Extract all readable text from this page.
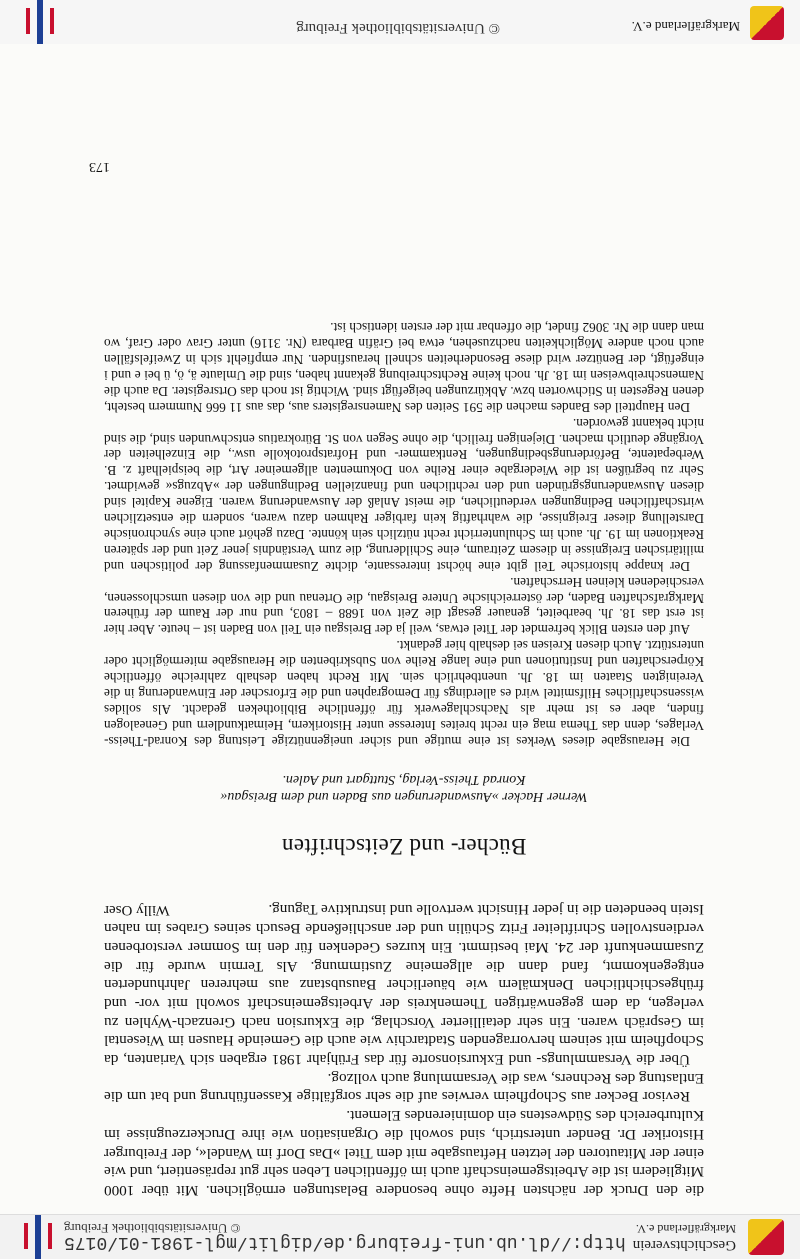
Geschichtsverein
Markgräflerland e.V.
http://dl.ub.uni-freiburg.de/diglit/mgl-1981-01/0175
© Universitätsbibliothek Freiburg

die den Druck der nächsten Hefte ohne besondere Belastungen ermöglichen. Mit über 1000 Mitgliedern ist die Arbeitsgemeinschaft auch im öffentlichen Leben sehr gut repräsentiert, und wie einer der Mitautoren der letzten Heftausgabe mit dem Titel »Das Dorf im Wandel«, der Freiburger Historiker Dr. Bender unterstrich, sind sowohl die Organisation wie ihre Druckerzeugnisse im Kulturbereich des Südwestens ein dominierendes Element.

Revisor Becker aus Schopfheim verwies auf die sehr sorgfältige Kassenführung und bat um die Entlastung des Rechners, was die Versammlung auch vollzog.

Über die Versammlungs- und Exkursionsorte für das Frühjahr 1981 ergaben sich Varianten, da Schopfheim mit seinem hervorragenden Stadtarchiv wie auch die Gemeinde Hausen im Wiesental im Gespräch waren. Ein sehr detaillierter Vorschlag, die Exkursion nach Grenzach-Wyhlen zu verlegen, da dem gegenwärtigen Themenkreis der Arbeitsgemeinschaft sowohl mit vor- und frühgeschichtlichen Denkmälern wie bäuerlicher Bausubstanz aus mehreren Jahrhunderten entgegenkommt, fand dann die allgemeine Zustimmung. Als Termin wurde für die Zusammenkunft der 24. Mai bestimmt. Ein kurzes Gedenken für den im Sommer verstorbenen verdienstvollen Schriftleiter Fritz Schülin und der anschließende Besuch seines Grabes im nahen Istein beendeten die in jeder Hinsicht wertvolle und instruktive Tagung.

Willy Oser
Bücher- und Zeitschriften
Werner Hacker »Auswanderungen aus Baden und dem Breisgau«
Konrad Theiss-Verlag, Stuttgart und Aalen.

Die Herausgabe dieses Werkes ist eine mutige und sicher uneigennützige Leistung des Konrad-Theiss-Verlages, denn das Thema mag ein recht breites Interesse unter Historikern, Heimatkundlern und Genealogen finden, aber es ist mehr als Nachschlagewerk für öffentliche Bibliotheken gedacht. Als solides wissenschaftliches Hilfsmittel wird es allerdings für Demographen und die Erforscher der Einwanderung in die Vereinigten Staaten im 18. Jh. unentbehrlich sein. Mit Recht haben deshalb zahlreiche öffentliche Körperschaften und Institutionen und eine lange Reihe von Subskribenten die Herausgabe mitermöglicht oder unterstützt. Auch diesen Kreisen sei deshalb hier gedankt.

Auf den ersten Blick befremdet der Titel etwas, weil ja der Breisgau ein Teil von Baden ist – heute. Aber hier ist erst das 18. Jh. bearbeitet, genauer gesagt die Zeit von 1688 – 1803, und nur der Raum der früheren Markgrafschaften Baden, der österreichische Untere Breisgau, die Ortenau und die von diesen umschlossenen, verschiedenen kleinen Herrschaften.

Der knappe historische Teil gibt eine höchst interessante, dichte Zusammenfassung der politischen und militärischen Ereignisse in diesem Zeitraum, eine Schilderung, die zum Verständnis jener Zeit und der späteren Reaktionen im 19. Jh. auch im Schulunterricht recht nützlich sein könnte. Dazu gehört auch eine synchronische Darstellung dieser Ereignisse, die wahrhaftig kein farbiger Rahmen dazu waren, sondern die entsetzlichen wirtschaftlichen Bedingungen verdeutlichen, die meist Anlaß der Auswanderung waren. Eigene Kapitel sind diesen Auswanderungsgründen und den rechtlichen und finanziellen Bedingungen der »Abzugs« gewidmet. Sehr zu begrüßen ist die Wiedergabe einer Reihe von Dokumenten allgemeiner Art, die beispielhaft z. B. Werbepatente, Beförderungsbedingungen, Rentkammer- und Hofratsprotokolle usw., die Einzelheiten der Vorgänge deutlich machen. Diejenigen freilich, die ohne Segen von St. Bürokratius entschwunden sind, die sind nicht bekannt geworden.

Den Hauptteil des Bandes machen die 591 Seiten des Namensregisters aus, das aus 11 666 Nummern besteht, denen Regesten in Stichworten bzw. Abkürzungen beigefügt sind. Wichtig ist noch das Ortsregister. Da auch die Namenschreibweisen im 18. Jh. noch keine Rechtschreibung gekannt haben, sind die Umlaute ä, ö, ü bei e und i eingefügt, der Benützer wird diese Besonderheiten schnell herausfinden. Nur empfiehlt sich in Zweifelsfällen auch noch andere Möglichkeiten nachzusehen, etwa bei Gräfin Barbara (Nr. 3116) unter Grav oder Graf, wo man dann die Nr. 3062 findet, die offenbar mit der ersten identisch ist.

173
© Universitätsbibliothek Freiburg	Markgräflerland e.V.
